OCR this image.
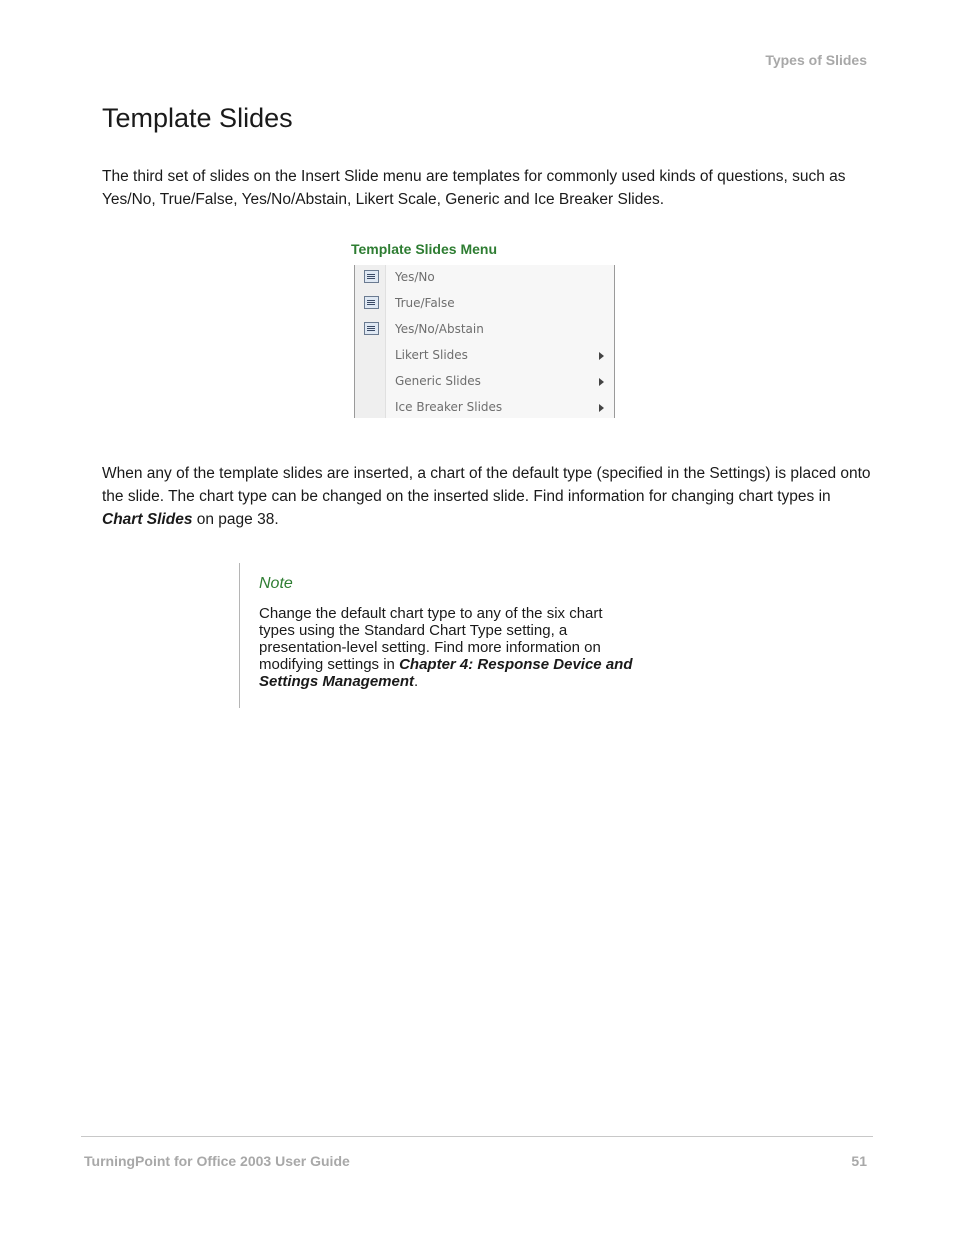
Types of Slides
Template Slides

The third set of slides on the Insert Slide menu are templates for commonly used kinds of questions, such as Yes/No, True/False, Yes/No/Abstain, Likert Scale, Generic and Ice Breaker Slides.

Template Slides Menu
Yes/No
True/False
Yes/No/Abstain
Likert Slides
Generic Slides
Ice Breaker Slides

When any of the template slides are inserted, a chart of the default type (specified in the Settings) is placed onto the slide. The chart type can be changed on the inserted slide. Find information for changing chart types in Chart Slides on page 38.

Note

Change the default chart type to any of the six chart types using the Standard Chart Type setting, a presentation-level setting. Find more information on modifying settings in Chapter 4: Response Device and Settings Management.

TurningPoint for Office 2003 User Guide	51
